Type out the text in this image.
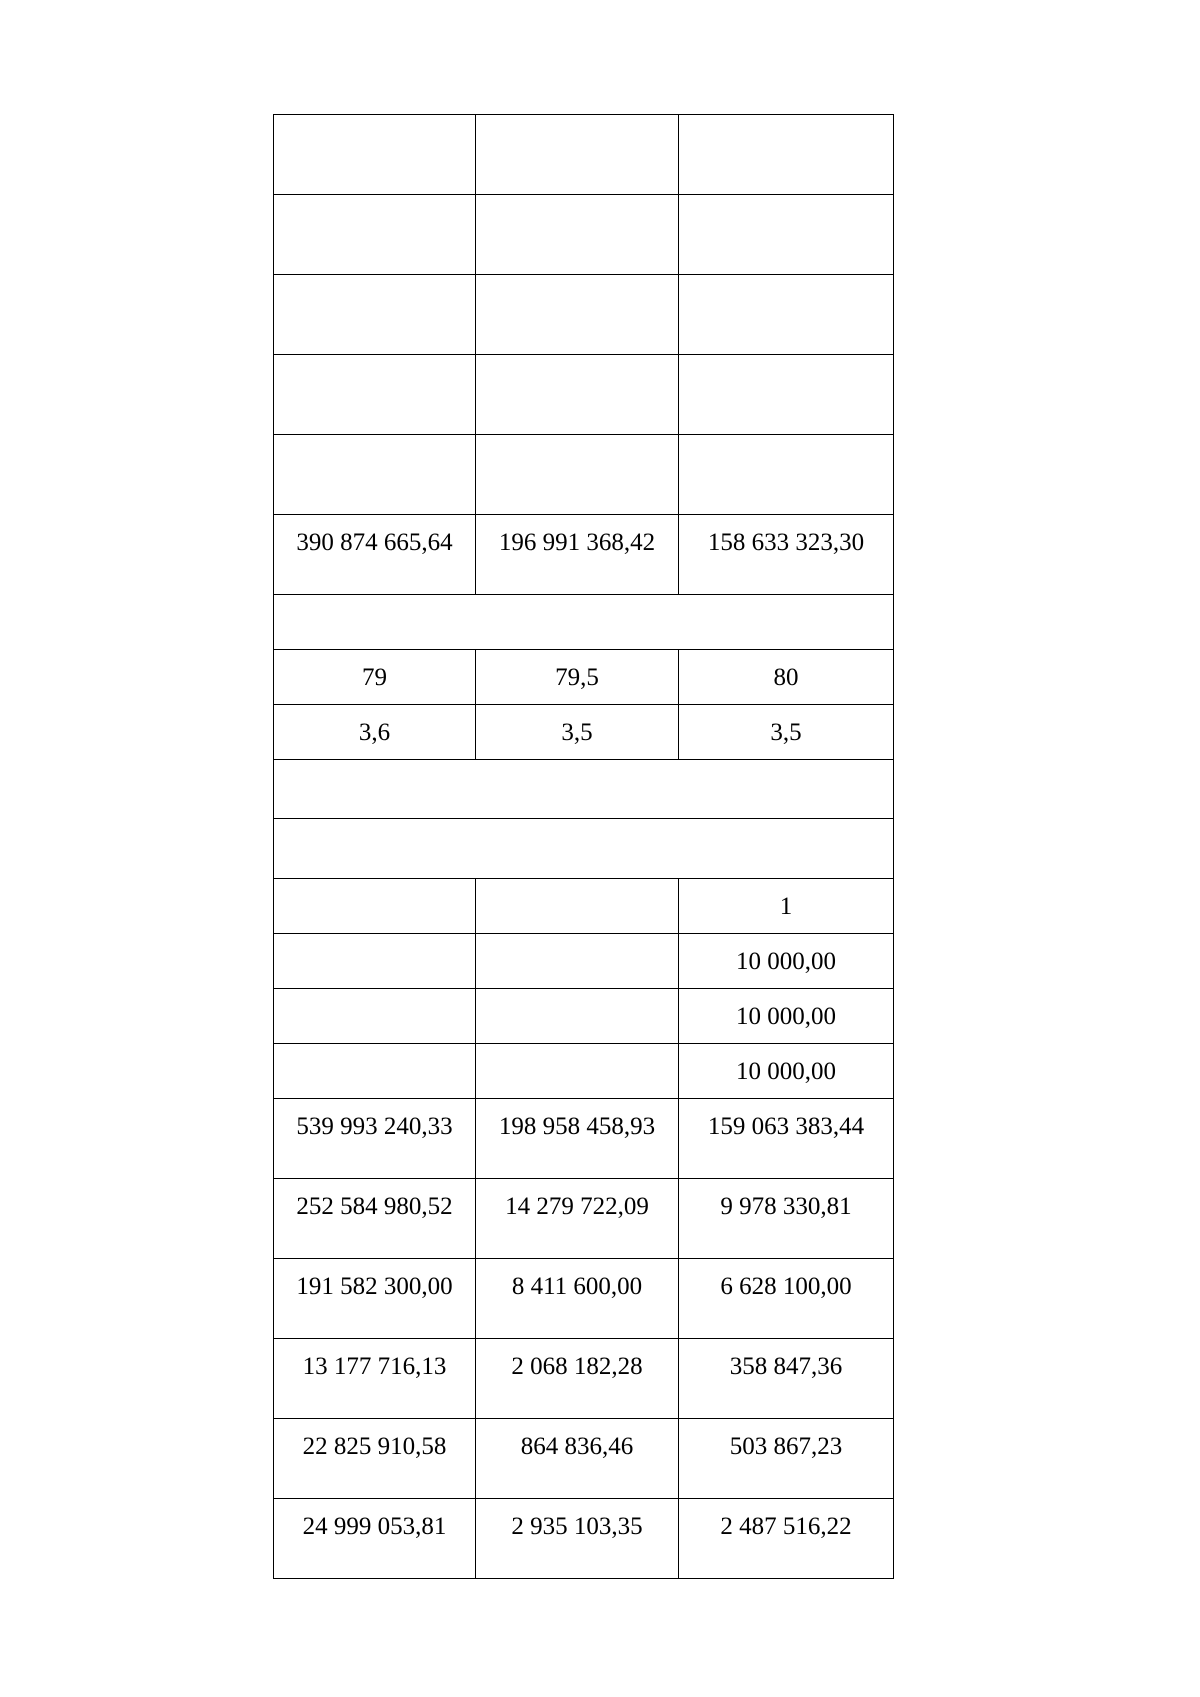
390 874 665,64	196 991 368,42	158 633 323,30

79	79,5	80
3,6	3,5	3,5

		1
		10 000,00
		10 000,00
		10 000,00
539 993 240,33	198 958 458,93	159 063 383,44
252 584 980,52	14 279 722,09	9 978 330,81
191 582 300,00	8 411 600,00	6 628 100,00
13 177 716,13	2 068 182,28	358 847,36
22 825 910,58	864 836,46	503 867,23
24 999 053,81	2 935 103,35	2 487 516,22
